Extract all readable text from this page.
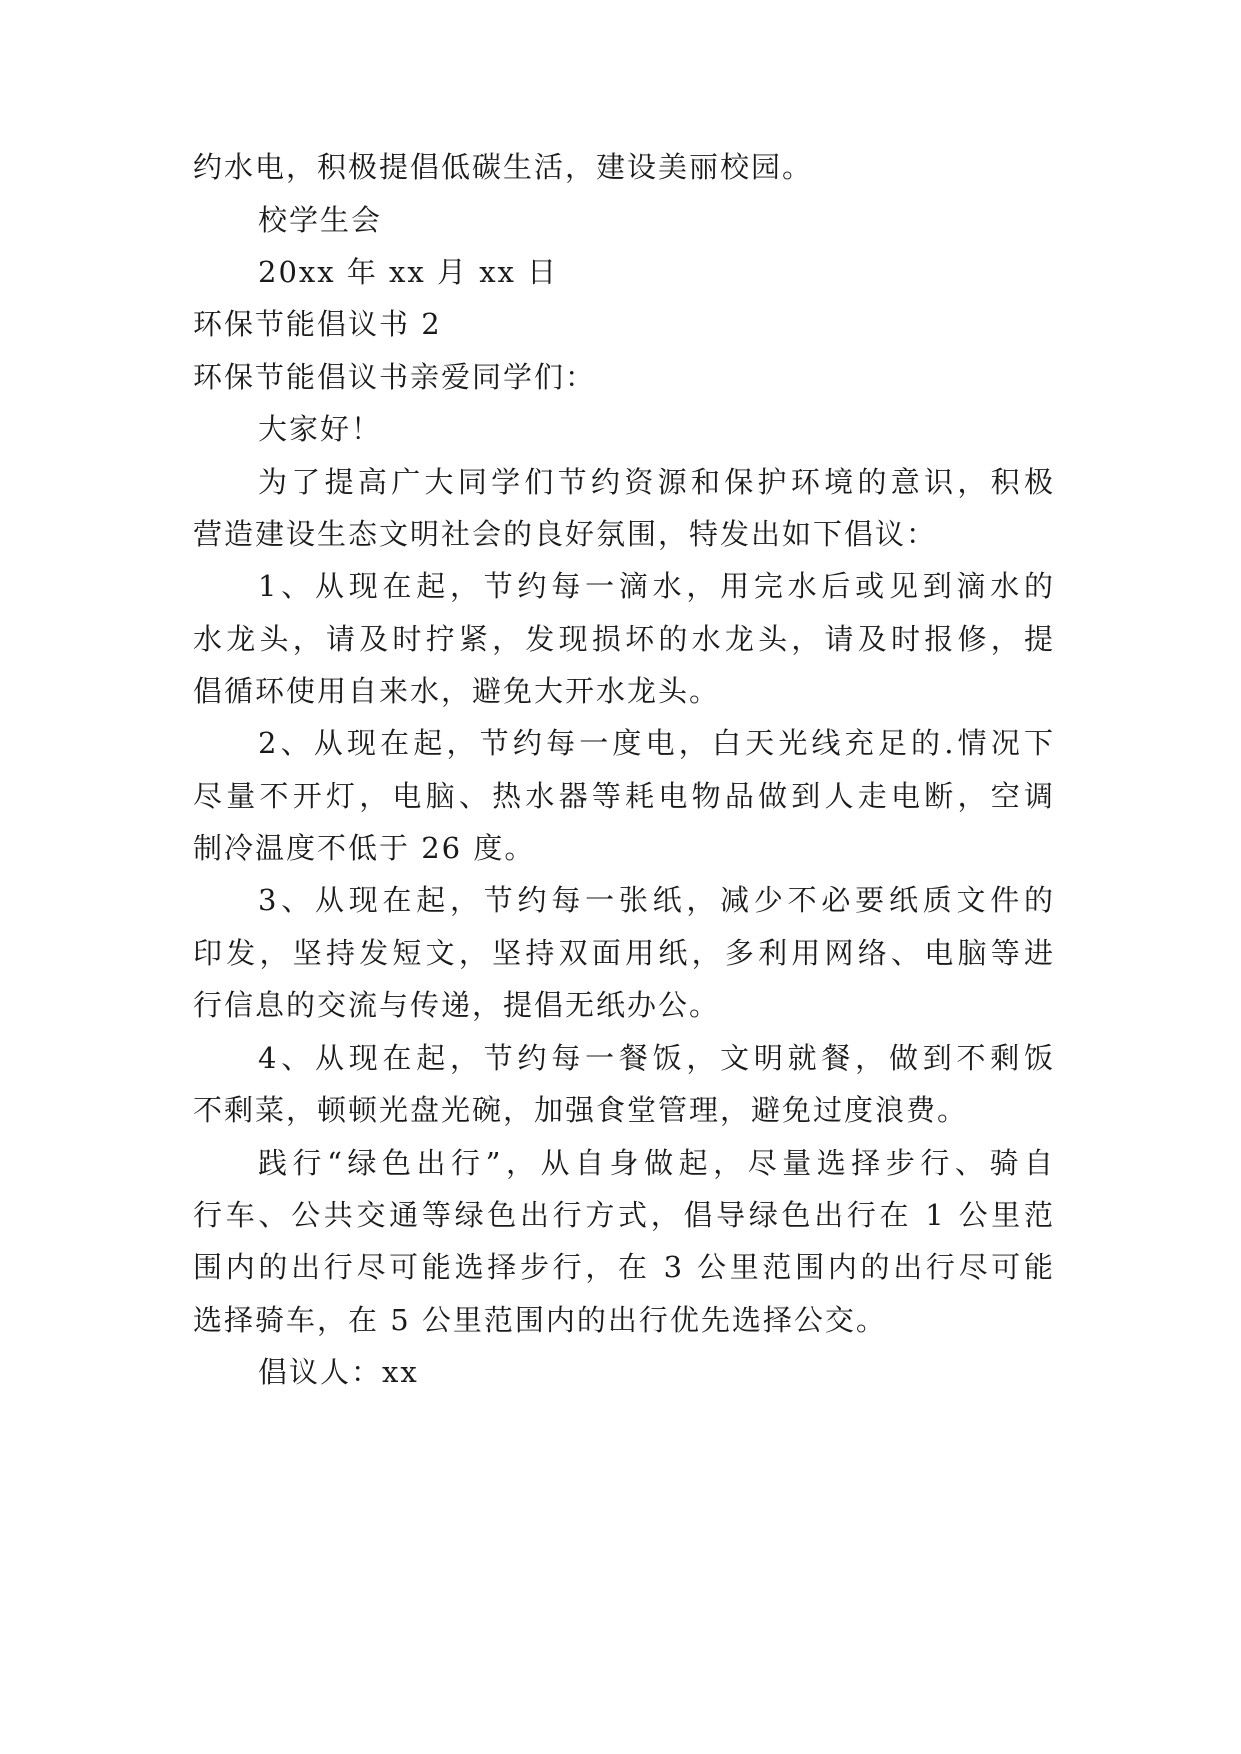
约水电，积极提倡低碳生活，建设美丽校园。

校学生会

20xx 年 xx 月 xx 日

环保节能倡议书 2

环保节能倡议书亲爱同学们：

大家好！

为了提高广大同学们节约资源和保护环境的意识，积极

营造建设生态文明社会的良好氛围，特发出如下倡议：

1、从现在起，节约每一滴水，用完水后或见到滴水的

水龙头，请及时拧紧，发现损坏的水龙头，请及时报修，提

倡循环使用自来水，避免大开水龙头。

2、从现在起，节约每一度电，白天光线充足的.情况下

尽量不开灯，电脑、热水器等耗电物品做到人走电断，空调

制冷温度不低于 26 度。

3、从现在起，节约每一张纸，减少不必要纸质文件的

印发，坚持发短文，坚持双面用纸，多利用网络、电脑等进

行信息的交流与传递，提倡无纸办公。

4、从现在起，节约每一餐饭，文明就餐，做到不剩饭

不剩菜，顿顿光盘光碗，加强食堂管理，避免过度浪费。

践行“绿色出行”，从自身做起，尽量选择步行、骑自

行车、公共交通等绿色出行方式，倡导绿色出行在 1 公里范

围内的出行尽可能选择步行，在 3 公里范围内的出行尽可能

选择骑车，在 5 公里范围内的出行优先选择公交。

倡议人：xx
